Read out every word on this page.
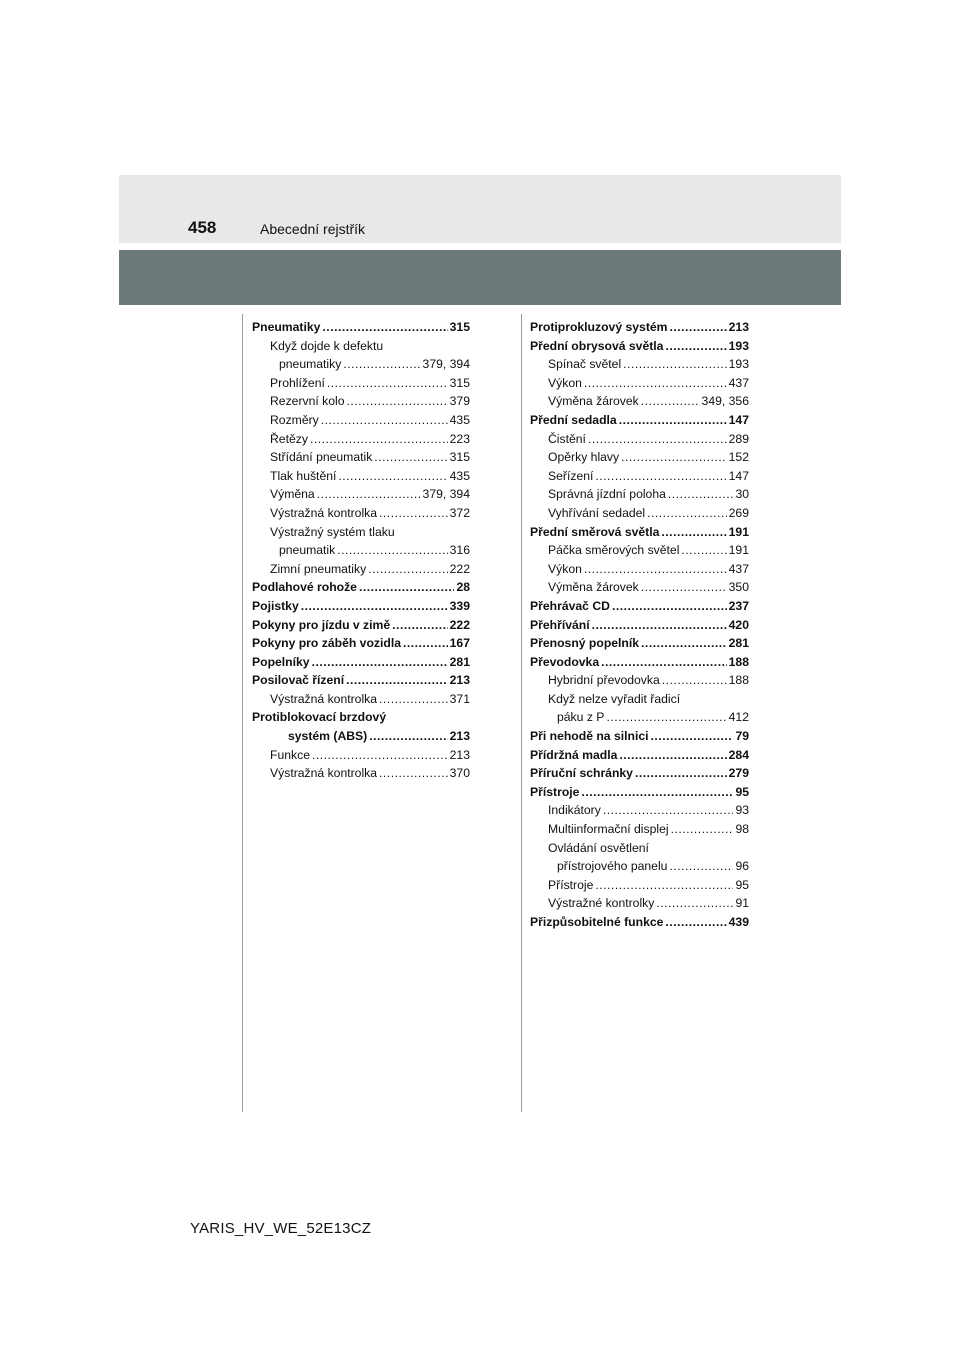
458	Abecední rejstřík
Pneumatiky .....	315
Když dojde k defektu
pneumatiky .....	379, 394
Prohlížení .....	315
Rezervní kolo .....	379
Rozměry .....	435
Řetězy .....	223
Střídání pneumatik .....	315
Tlak huštění .....	435
Výměna .....	379, 394
Výstražná kontrolka .....	372
Výstražný systém tlaku
pneumatik .....	316
Zimní pneumatiky .....	222
Podlahové rohože .....	28
Pojistky .....	339
Pokyny pro jízdu v zimě .....	222
Pokyny pro záběh vozidla .....	167
Popelníky .....	281
Posilovač řízení .....	213
Výstražná kontrolka .....	371
Protiblokovací brzdový
systém (ABS) .....	213
Funkce .....	213
Výstražná kontrolka .....	370
Protiprokluzový systém .....	213
Přední obrysová světla .....	193
Spínač světel .....	193
Výkon .....	437
Výměna žárovek .....	349, 356
Přední sedadla .....	147
Čistění .....	289
Opěrky hlavy .....	152
Seřízení .....	147
Správná jízdní poloha .....	30
Vyhřívání sedadel .....	269
Přední směrová světla .....	191
Páčka směrových světel .....	191
Výkon .....	437
Výměna žárovek .....	350
Přehrávač CD .....	237
Přehřívání .....	420
Přenosný popelník .....	281
Převodovka .....	188
Hybridní převodovka .....	188
Když nelze vyřadit řadicí
páku z P .....	412
Při nehodě na silnici .....	79
Přídržná madla .....	284
Příruční schránky .....	279
Přístroje .....	95
Indikátory .....	93
Multiinformační displej .....	98
Ovládání osvětlení
přístrojového panelu .....	96
Přístroje .....	95
Výstražné kontrolky .....	91
Přizpůsobitelné funkce .....	439
YARIS_HV_WE_52E13CZ
